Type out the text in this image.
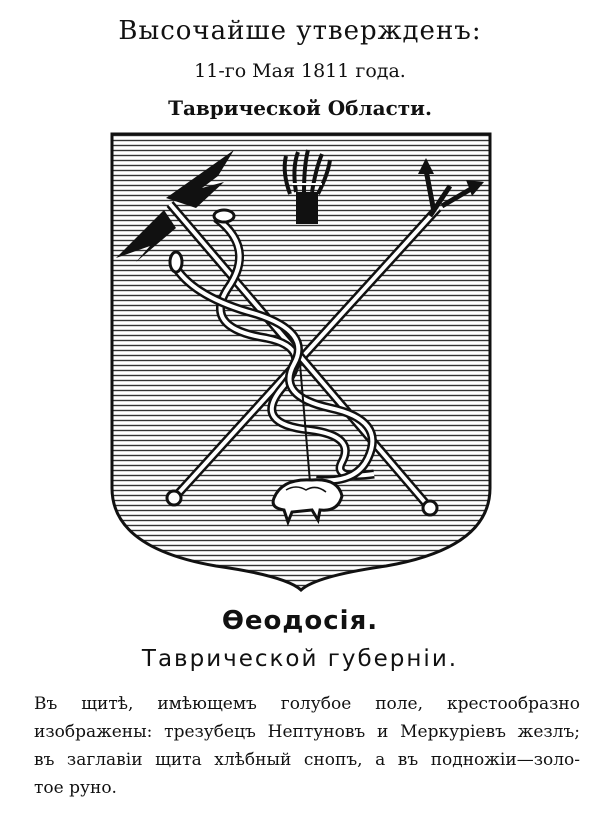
Высочайше утвержденъ:
11-го Мая 1811 года.
Таврической Области.
Ѳеодосія.
Таврической губерніи.
Въ щитѣ, имѣющемъ голубое поле, крестообразно
изображены: трезубецъ Нептуновъ и Меркуріевъ жезлъ;
въ заглавіи щита хлѣбный снопъ, а въ подножіи—золо-
тое руно.
